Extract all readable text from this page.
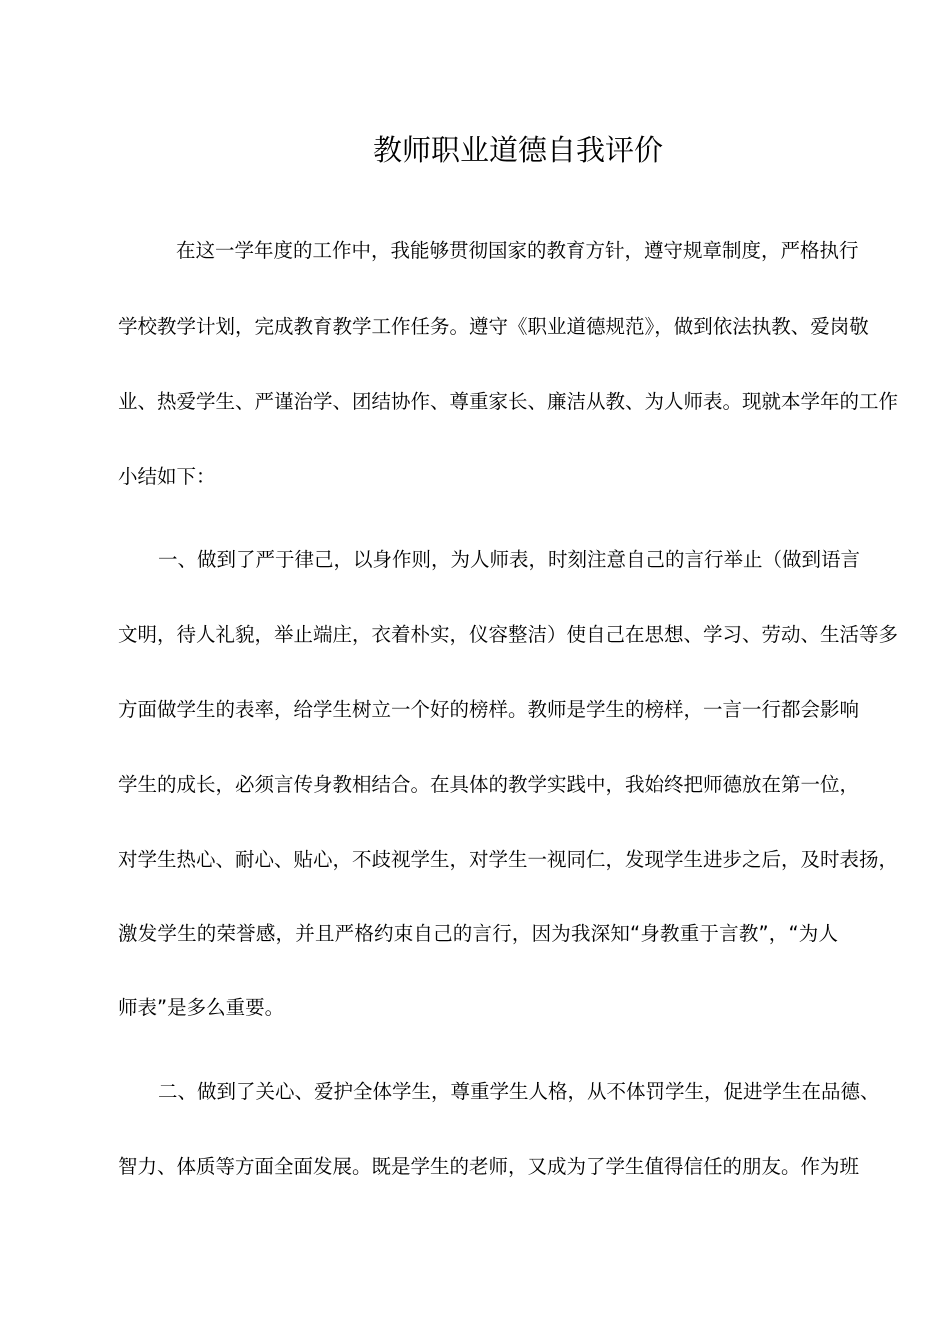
教师职业道德自我评价
在这一学年度的工作中，我能够贯彻国家的教育方针，遵守规章制度，严格执行
学校教学计划，完成教育教学工作任务。遵守《职业道德规范》，做到依法执教、爱岗敬
业、热爱学生、严谨治学、团结协作、尊重家长、廉洁从教、为人师表。现就本学年的工作
小结如下：
一、做到了严于律己，以身作则，为人师表，时刻注意自己的言行举止（做到语言
文明，待人礼貌，举止端庄，衣着朴实，仪容整洁）使自己在思想、学习、劳动、生活等多
方面做学生的表率，给学生树立一个好的榜样。教师是学生的榜样，一言一行都会影响
学生的成长，必须言传身教相结合。在具体的教学实践中，我始终把师德放在第一位，
对学生热心、耐心、贴心，不歧视学生，对学生一视同仁，发现学生进步之后，及时表扬，
激发学生的荣誉感，并且严格约束自己的言行，因为我深知“身教重于言教”，“为人
师表”是多么重要。
二、做到了关心、爱护全体学生，尊重学生人格，从不体罚学生，促进学生在品德、
智力、体质等方面全面发展。既是学生的老师，又成为了学生值得信任的朋友。作为班
